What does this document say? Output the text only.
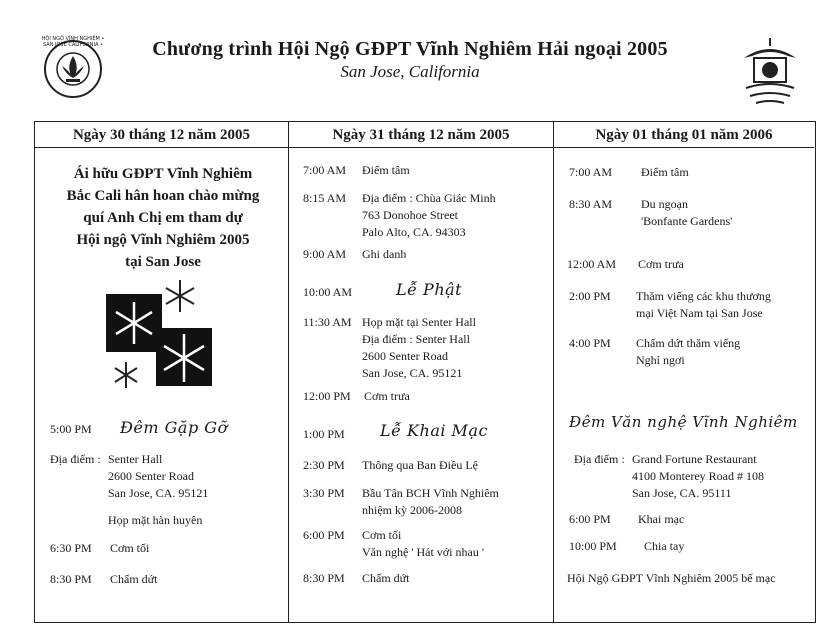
HỘI NGỘ VĨNH NGHIÊM • SAN JOSE CALIFORNIA •	Chương trình Hội Ngộ GĐPT Vĩnh Nghiêm Hải ngoại 2005
San Jose, California
Ngày 30 tháng 12 năm 2005	Ngày 31 tháng 12 năm 2005	Ngày 01 tháng 01 năm 2006
Ái hữu GĐPT Vĩnh Nghiêm
Bắc Cali hân hoan chào mừng
quí Anh Chị em tham dự
Hội ngộ Vĩnh Nghiêm 2005
tại San Jose
5:00 PM Đêm Gặp Gỡ
Địa điểm : Senter Hall
2600 Senter Road
San Jose, CA. 95121
Họp mặt hàn huyên
6:30 PM Cơm tối
8:30 PM Chấm dứt
7:00 AM Điểm tâm
8:15 AM Địa điểm : Chùa Giác Minh
763 Donohoe Street
Palo Alto, CA. 94303
9:00 AM Ghi danh
10:00 AM	Lễ Phật
11:30 AM Họp mặt tại Senter Hall
Địa điểm : Senter Hall
2600 Senter Road
San Jose, CA. 95121
12:00 PM Cơm trưa
1:00 PM Lễ Khai Mạc
2:30 PM Thông qua Ban Điều Lệ
3:30 PM Bầu Tân BCH Vĩnh Nghiêm
nhiệm kỳ 2006-2008
6:00 PM Cơm tối
Văn nghệ ' Hát với nhau '
8:30 PM Chấm dứt
7:00 AM Điểm tâm
8:30 AM Du ngoạn
'Bonfante Gardens'
12:00 AM Cơm trưa
2:00 PM Thăm viếng các khu thương
mại Việt Nam tại San Jose
4:00 PM Chấm dứt thăm viếng
Nghỉ ngơi
Đêm Văn nghệ Vĩnh Nghiêm
Địa điểm : Grand Fortune Restaurant
4100 Monterey Road # 108
San Jose, CA. 95111
6:00 PM Khai mạc
10:00 PM Chia tay
Hội Ngộ GĐPT Vĩnh Nghiêm 2005 bế mạc
